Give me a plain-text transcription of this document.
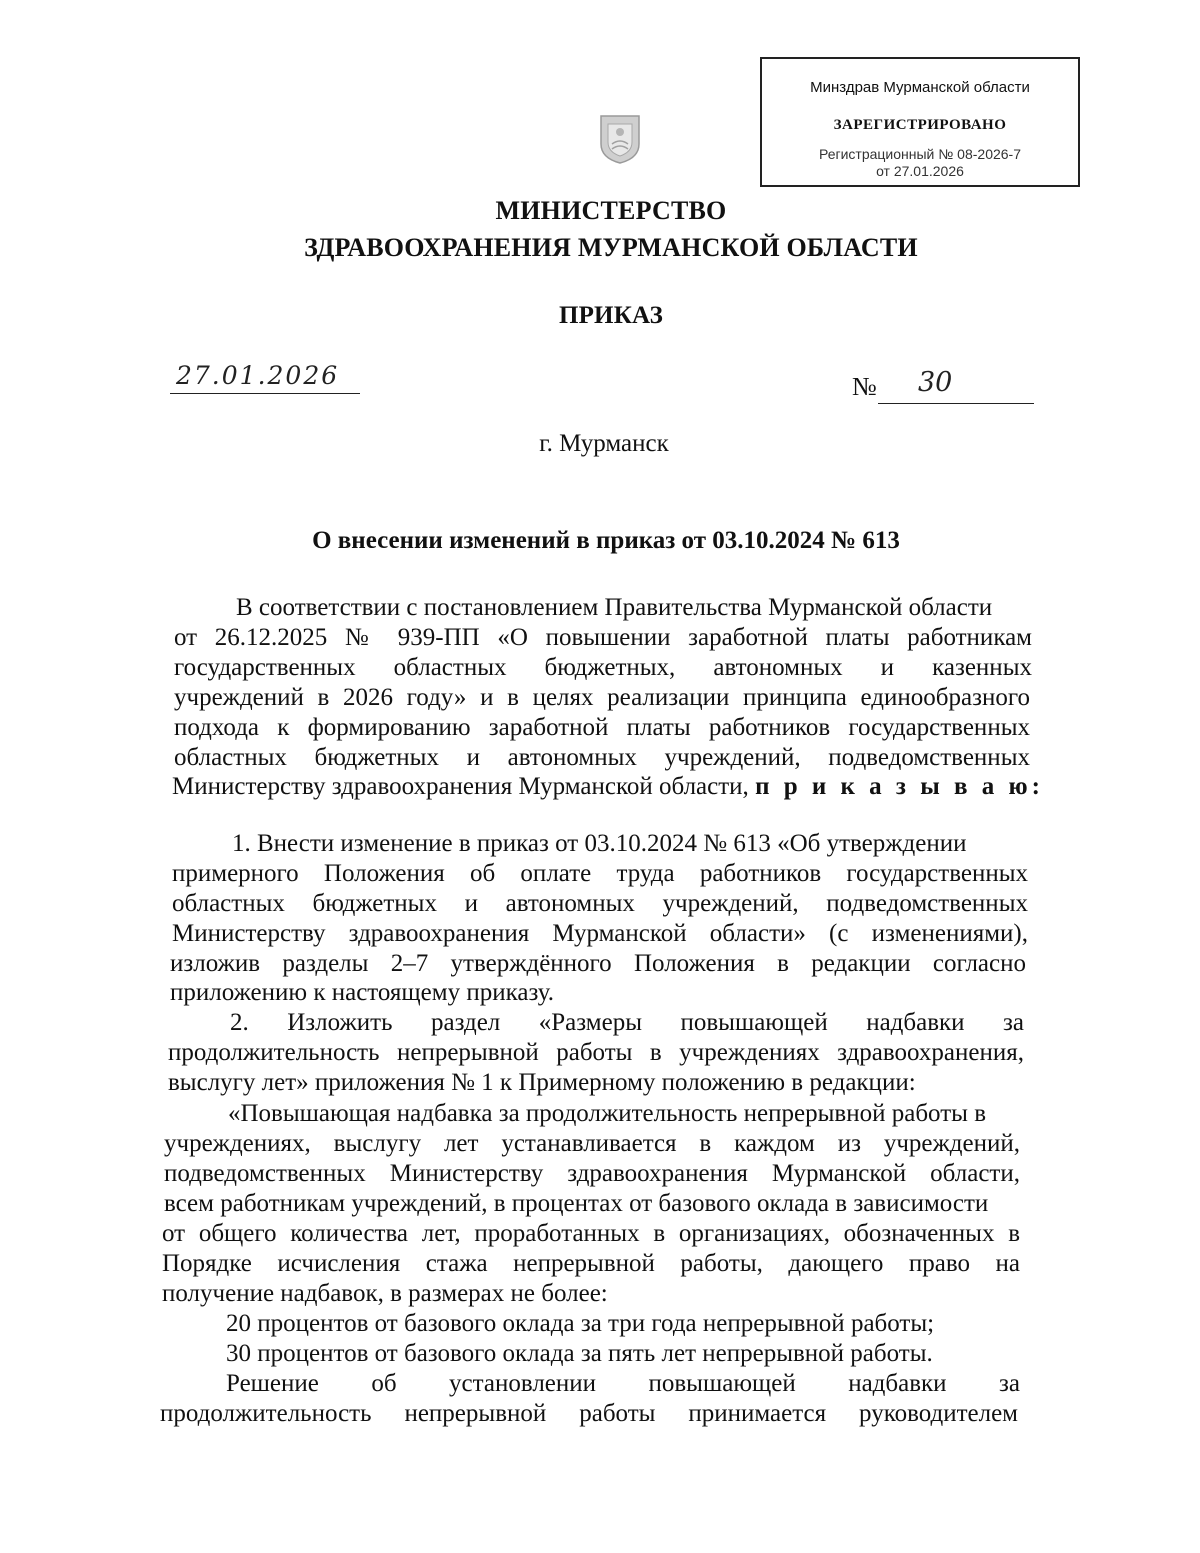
Минздрав Мурманской области
ЗАРЕГИСТРИРОВАНО
Регистрационный № 08-2026-7
от 27.01.2026
МИНИСТЕРСТВО
ЗДРАВООХРАНЕНИЯ МУРМАНСКОЙ ОБЛАСТИ
ПРИКАЗ
27.01.2026	№	30
г. Мурманск
О внесении изменений в приказ от 03.10.2024 № 613
В соответствии с постановлением Правительства Мурманской области
от 26.12.2025 № 939-ПП «О повышении заработной платы работникам
государственных областных бюджетных, автономных и казенных
учреждений в 2026 году» и в целях реализации принципа единообразного
подхода к формированию заработной платы работников государственных
областных бюджетных и автономных учреждений, подведомственных
Министерству здравоохранения Мурманской области, п р и к а з ы в а ю:
1. Внести изменение в приказ от 03.10.2024 № 613 «Об утверждении
примерного Положения об оплате труда работников государственных
областных бюджетных и автономных учреждений, подведомственных
Министерству здравоохранения Мурманской области» (с изменениями),
изложив разделы 2–7 утверждённого Положения в редакции согласно
приложению к настоящему приказу.
2. Изложить раздел «Размеры повышающей надбавки за
продолжительность непрерывной работы в учреждениях здравоохранения,
выслугу лет» приложения № 1 к Примерному положению в редакции:
«Повышающая надбавка за продолжительность непрерывной работы в
учреждениях, выслугу лет устанавливается в каждом из учреждений,
подведомственных Министерству здравоохранения Мурманской области,
всем работникам учреждений, в процентах от базового оклада в зависимости
от общего количества лет, проработанных в организациях, обозначенных в
Порядке исчисления стажа непрерывной работы, дающего право на
получение надбавок, в размерах не более:
20 процентов от базового оклада за три года непрерывной работы;
30 процентов от базового оклада за пять лет непрерывной работы.
Решение об установлении повышающей надбавки за
продолжительность непрерывной работы принимается руководителем
